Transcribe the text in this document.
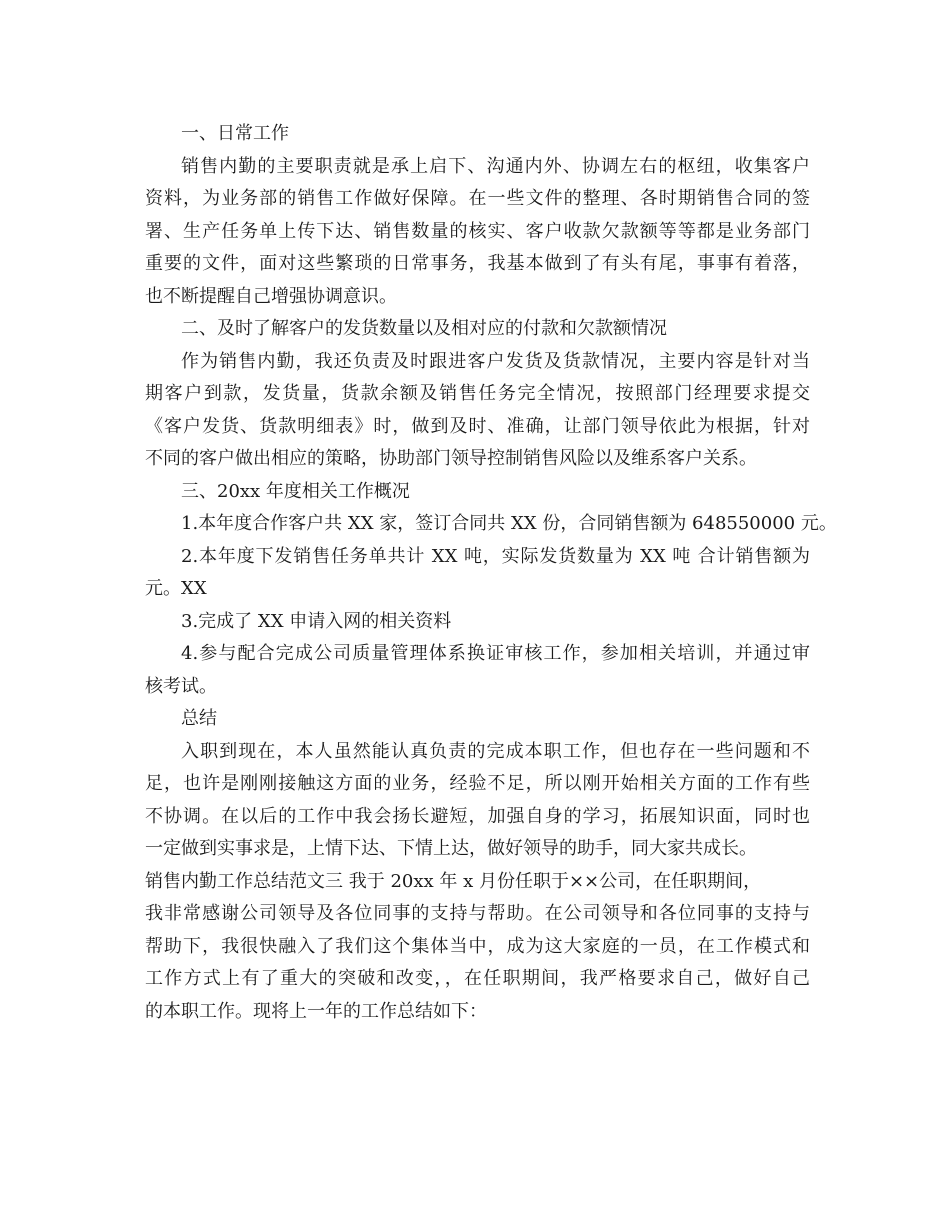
一、日常工作
销售内勤的主要职责就是承上启下、沟通内外、协调左右的枢纽，收集客户
资料，为业务部的销售工作做好保障。在一些文件的整理、各时期销售合同的签
署、生产任务单上传下达、销售数量的核实、客户收款欠款额等等都是业务部门
重要的文件，面对这些繁琐的日常事务，我基本做到了有头有尾，事事有着落，
也不断提醒自己增强协调意识。
二、及时了解客户的发货数量以及相对应的付款和欠款额情况
作为销售内勤，我还负责及时跟进客户发货及货款情况，主要内容是针对当
期客户到款，发货量，货款余额及销售任务完全情况，按照部门经理要求提交
《客户发货、货款明细表》时，做到及时、准确，让部门领导依此为根据，针对
不同的客户做出相应的策略，协助部门领导控制销售风险以及维系客户关系。
三、20xx 年度相关工作概况
1.本年度合作客户共 XX 家，签订合同共 XX 份，合同销售额为 648550000 元。
2.本年度下发销售任务单共计 XX 吨，实际发货数量为 XX 吨 合计销售额为 XX
元。
3.完成了 XX 申请入网的相关资料
4.参与配合完成公司质量管理体系换证审核工作，参加相关培训，并通过审
核考试。
总结
入职到现在，本人虽然能认真负责的完成本职工作，但也存在一些问题和不
足，也许是刚刚接触这方面的业务，经验不足，所以刚开始相关方面的工作有些
不协调。在以后的工作中我会扬长避短，加强自身的学习，拓展知识面，同时也
一定做到实事求是，上情下达、下情上达，做好领导的助手，同大家共成长。
销售内勤工作总结范文三 我于 20xx 年 x 月份任职于××公司，在任职期间，
我非常感谢公司领导及各位同事的支持与帮助。在公司领导和各位同事的支持与
帮助下，我很快融入了我们这个集体当中，成为这大家庭的一员，在工作模式和
工作方式上有了重大的突破和改变，，在任职期间，我严格要求自己，做好自己
的本职工作。现将上一年的工作总结如下：
